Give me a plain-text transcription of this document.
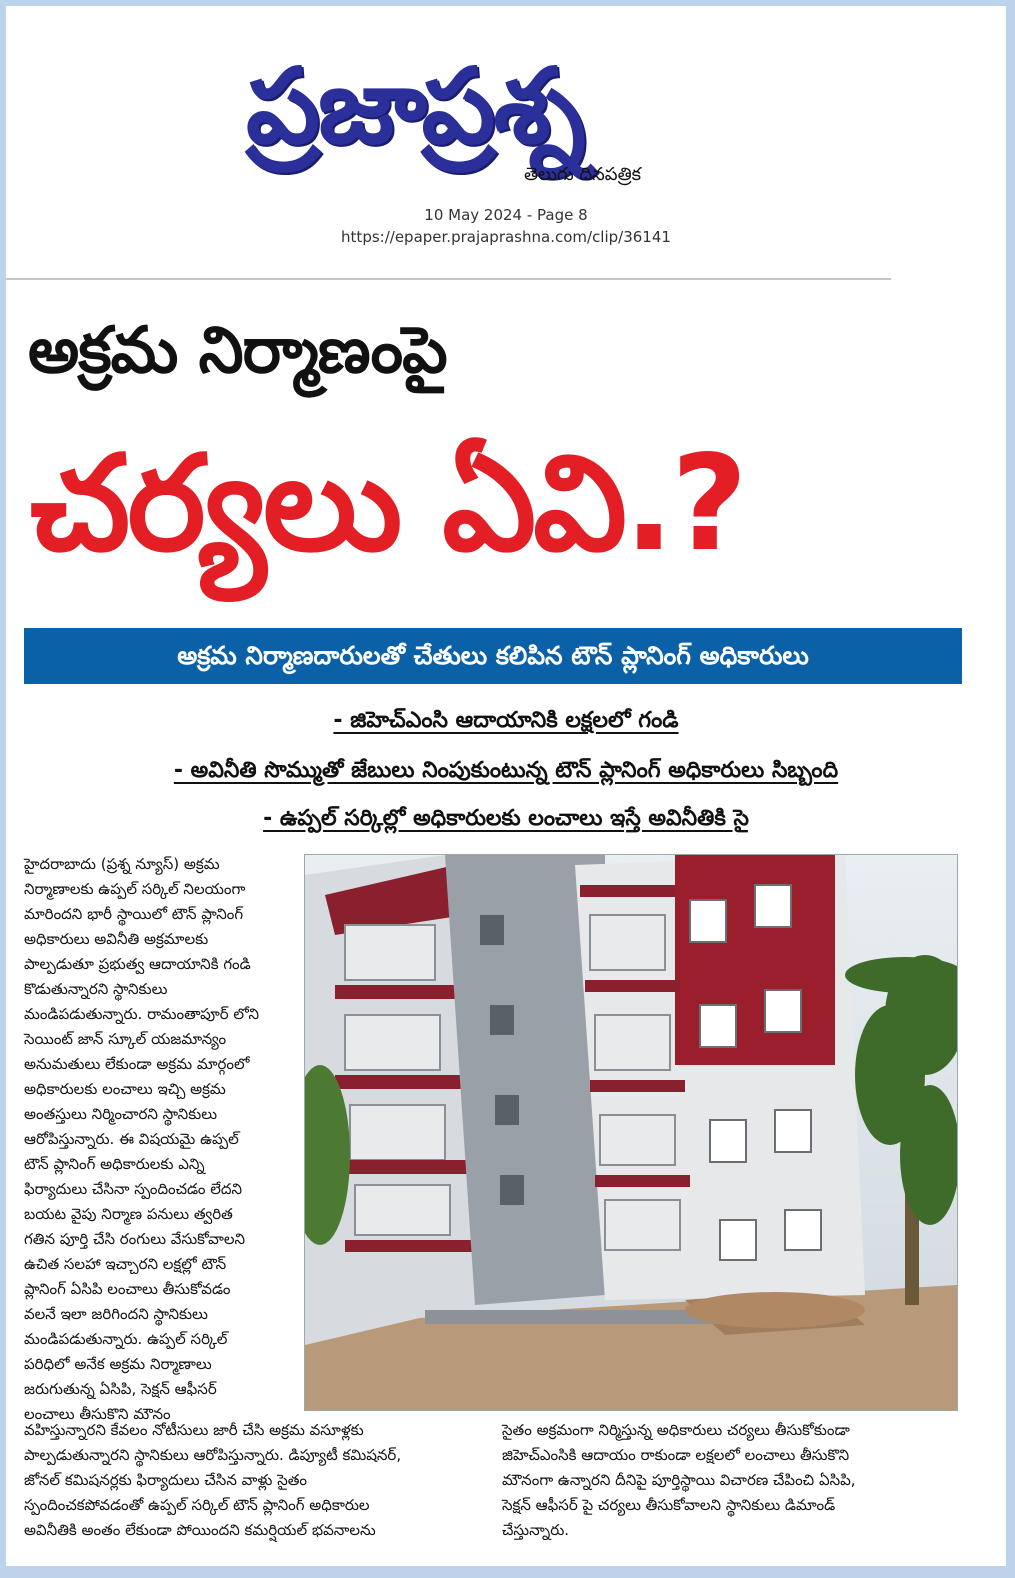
ప్రజాప్రశ్న
తెలుగు దినపత్రిక
10 May 2024 - Page 8
https://epaper.prajaprashna.com/clip/36141
అక్రమ నిర్మాణంపై
చర్యలు ఏవి.?
అక్రమ నిర్మాణదారులతో చేతులు కలిపిన టౌన్ ప్లానింగ్ అధికారులు
- జిహెచ్ఎంసి ఆదాయానికి లక్షలలో గండి
- అవినీతి సొమ్ముతో జేబులు నింపుకుంటున్న టౌన్ ప్లానింగ్ అధికారులు సిబ్బంది
- ఉప్పల్ సర్కిల్లో అధికారులకు లంచాలు ఇస్తే అవినీతికి సై

హైదరాబాదు (ప్రశ్న న్యూస్) అక్రమ

నిర్మాణాలకు ఉప్పల్ సర్కిల్ నిలయంగా

మారిందని భారీ స్థాయిలో టౌన్ ప్లానింగ్

అధికారులు అవినీతి అక్రమాలకు

పాల్పడుతూ ప్రభుత్వ ఆదాయానికి గండి

కొడుతున్నారని స్థానికులు

మండిపడుతున్నారు. రామంతాపూర్ లోని

సెయింట్ జాన్ స్కూల్ యజమాన్యం

అనుమతులు లేకుండా అక్రమ మార్గంలో

అధికారులకు లంచాలు ఇచ్చి అక్రమ

అంతస్తులు నిర్మించారని స్థానికులు

ఆరోపిస్తున్నారు. ఈ విషయమై ఉప్పల్

టౌన్ ప్లానింగ్ అధికారులకు ఎన్ని

ఫిర్యాదులు చేసినా స్పందించడం లేదని

బయట వైపు నిర్మాణ పనులు త్వరిత

గతిన పూర్తి చేసి రంగులు వేసుకోవాలని

ఉచిత సలహా ఇచ్చారని లక్షల్లో టౌన్

ప్లానింగ్ ఏసిపి లంచాలు తీసుకోవడం

వలనే ఇలా జరిగిందని స్థానికులు

మండిపడుతున్నారు. ఉప్పల్ సర్కిల్

పరిధిలో అనేక అక్రమ నిర్మాణాలు

జరుగుతున్న ఏసిపి, సెక్షన్ ఆఫీసర్

లంచాలు తీసుకొని మౌనం

వహిస్తున్నారని కేవలం నోటీసులు జారీ చేసి అక్రమ వసూళ్లకు

పాల్పడుతున్నారని స్థానికులు ఆరోపిస్తున్నారు. డిప్యూటీ కమిషనర్,

జోనల్ కమిషనర్లకు ఫిర్యాదులు చేసిన వాళ్లు సైతం

స్పందించకపోవడంతో ఉప్పల్ సర్కిల్ టౌన్ ప్లానింగ్ అధికారుల

అవినీతికి అంతం లేకుండా పోయిందని కమర్షియల్ భవనాలను

సైతం అక్రమంగా నిర్మిస్తున్న అధికారులు చర్యలు తీసుకోకుండా

జిహెచ్ఎంసికి ఆదాయం రాకుండా లక్షలలో లంచాలు తీసుకొని

మౌనంగా ఉన్నారని దీనిపై పూర్తిస్థాయి విచారణ చేపించి ఏసిపి,

సెక్షన్ ఆఫీసర్ పై చర్యలు తీసుకోవాలని స్థానికులు డిమాండ్

చేస్తున్నారు.
